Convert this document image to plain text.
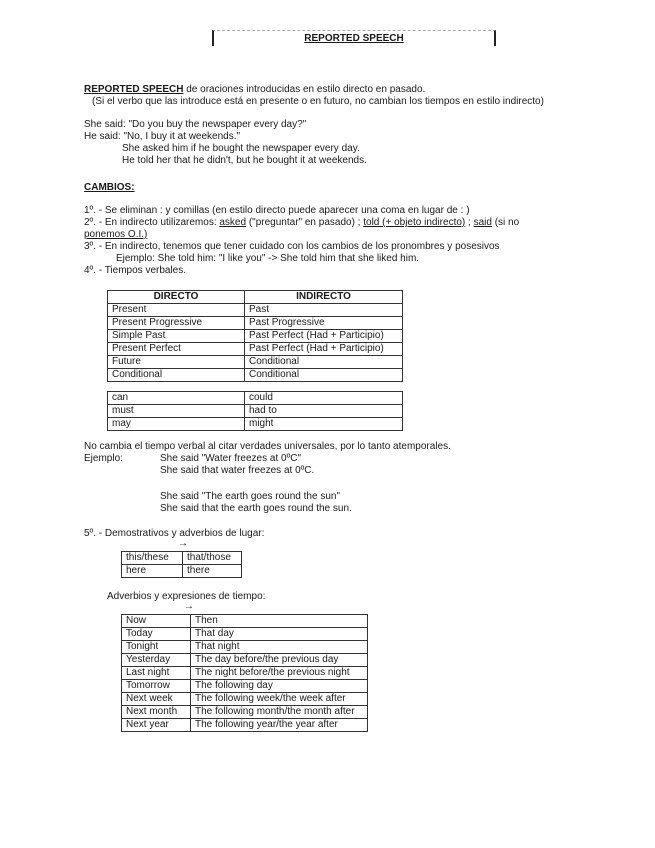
REPORTED SPEECH
REPORTED SPEECH de oraciones introducidas en estilo directo en pasado.
(Si el verbo que las introduce está en presente o en futuro, no cambian los tiempos en estilo indirecto)
She said: "Do you buy the newspaper every day?"
He said: "No, I buy it at weekends."
She asked him if he bought the newspaper every day.
He told her that he didn't, but he bought it at weekends.
CAMBIOS:
1º. - Se eliminan : y comillas (en estilo directo puede aparecer una coma en lugar de : )
2º. - En indirecto utilizaremos: asked ("preguntar" en pasado) ; told (+ objeto indirecto) ; said (si no
ponemos O.I.)
3º. - En indirecto, tenemos que tener cuidado con los cambios de los pronombres y posesivos
Ejemplo: She told him: "I like you" -> She told him that she liked him.
4º. - Tiempos verbales.
DIRECTO	INDIRECTO
Present	Past
Present Progressive	Past Progressive
Simple Past	Past Perfect (Had + Participio)
Present Perfect	Past Perfect (Had + Participio)
Future	Conditional
Conditional	Conditional
can	could
must	had to
may	might
No cambia el tiempo verbal al citar verdades universales, por lo tanto atemporales.
Ejemplo:	She said "Water freezes at 0ºC"
She said that water freezes at 0ºC.
She said "The earth goes round the sun"
She said that the earth goes round the sun.
5º. - Demostrativos y adverbios de lugar:
→
this/these	that/those
here	there
Adverbios y expresiones de tiempo:
→
Now	Then
Today	That day
Tonight	That night
Yesterday	The day before/the previous day
Last night	The night before/the previous night
Tomorrow	The following day
Next week	The following week/the week after
Next month	The following month/the month after
Next year	The following year/the year after
